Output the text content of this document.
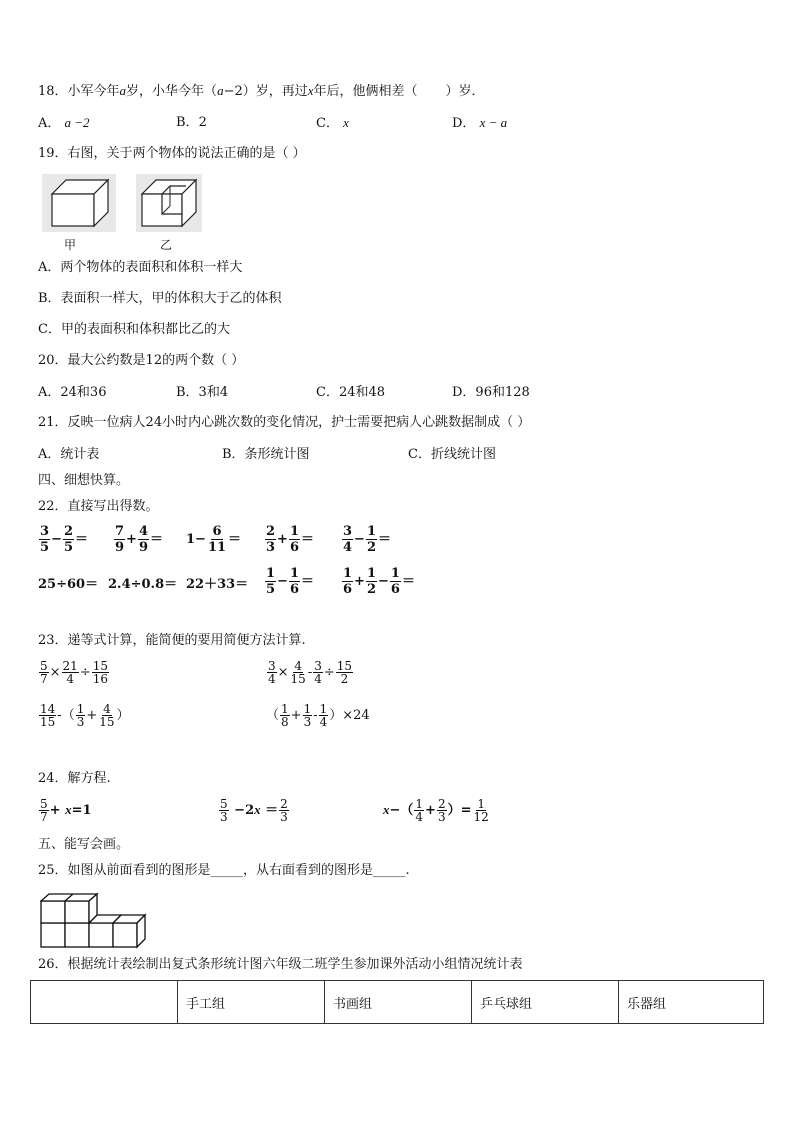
18．小军今年a岁，小华今年（a−2）岁，再过x年后，他俩相差（ ）岁．
A． a −2	B．2	C． x	D． x − a
19．右图，关于两个物体的说法正确的是（ ）
甲	乙
A．两个物体的表面积和体积一样大
B．表面积一样大，甲的体积大于乙的体积
C．甲的表面积和体积都比乙的大
20．最大公约数是12的两个数（ ）
A．24和36	B．3和4	C．24和48	D．96和128
21．反映一位病人24小时内心跳次数的变化情况，护士需要把病人心跳数据制成（ ）
A．统计表	B．条形统计图	C．折线统计图
四、细想快算。
22．直接写出得数。
$\frac{3}{5} - \frac{2}{5} = \frac{7}{9} + \frac{4}{9} = 1- \frac{6}{11} = \frac{2}{3} + \frac{1}{6} = \frac{3}{4} - \frac{1}{2}$ ＝
$25\div 60= 2.4\div 0.8= 22+33= \frac{1}{5} - \frac{1}{6} = \frac{1}{6} + \frac{1}{2} - \frac{1}{6}$ ＝
23．递等式计算，能简便的要用简便方法计算.
$\frac{5}{7} \times \frac{21}{4} \div \frac{15}{16}$	$\frac{3}{4} \times \frac{4}{15} - \frac{3}{4} \div \frac{15}{2}$
$\frac{14}{15}$ -（ $\frac{1}{3} + \frac{4}{15}$ ）	（ $\frac{1}{8} + \frac{1}{3} - \frac{1}{4} )\times 24$
24．解方程.
$\frac{5}{7} + x=1$	$\frac{5}{3} -2x = \frac{2}{3}$	$x-( \frac{1}{4} + \frac{2}{3}$ ）= $\frac{1}{12}$
五、能写会画。
25．如图从前面看到的图形是_____，从右面看到的图形是_____.
26．根据统计表绘制出复式条形统计图六年级二班学生参加课外活动小组情况统计表
	手工组	书画组	乒乓球组	乐器组
